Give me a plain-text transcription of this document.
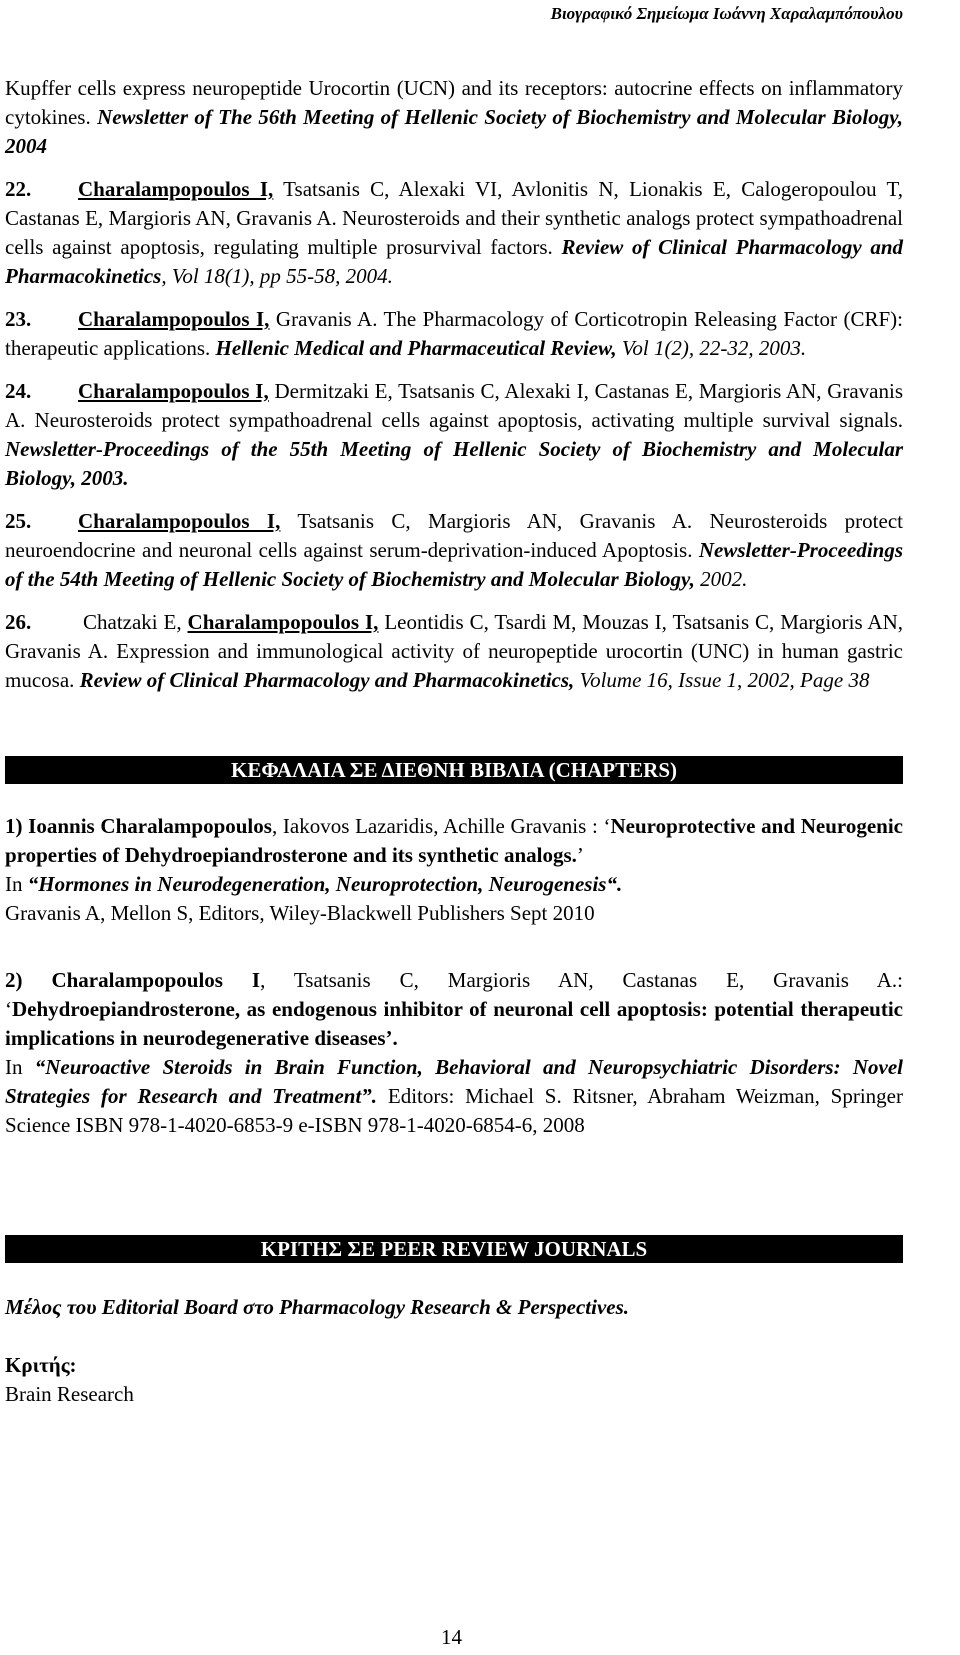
Βιογραφικό Σημείωμα Ιωάννη Χαραλαμπόπουλου

Kupffer cells express neuropeptide Urocortin (UCN) and its receptors: autocrine effects on inflammatory cytokines. Newsletter of The 56th Meeting of Hellenic Society of Biochemistry and Molecular Biology, 2004

22. Charalampopoulos I, Tsatsanis C, Alexaki VI, Avlonitis N, Lionakis E, Calogeropoulou T, Castanas E, Margioris AN, Gravanis A. Neurosteroids and their synthetic analogs protect sympathoadrenal cells against apoptosis, regulating multiple prosurvival factors. Review of Clinical Pharmacology and Pharmacokinetics, Vol 18(1), pp 55-58, 2004.

23. Charalampopoulos I, Gravanis A. The Pharmacology of Corticotropin Releasing Factor (CRF): therapeutic applications. Hellenic Medical and Pharmaceutical Review, Vol 1(2), 22-32, 2003.

24. Charalampopoulos I, Dermitzaki E, Tsatsanis C, Alexaki I, Castanas E, Margioris AN, Gravanis A. Neurosteroids protect sympathoadrenal cells against apoptosis, activating multiple survival signals. Newsletter-Proceedings of the 55th Meeting of Hellenic Society of Biochemistry and Molecular Biology, 2003.

25. Charalampopoulos I, Tsatsanis C, Margioris AN, Gravanis A. Neurosteroids protect neuroendocrine and neuronal cells against serum-deprivation-induced Apoptosis. Newsletter-Proceedings of the 54th Meeting of Hellenic Society of Biochemistry and Molecular Biology, 2002.

26. Chatzaki E, Charalampopoulos I, Leontidis C, Tsardi M, Mouzas I, Tsatsanis C, Margioris AN, Gravanis A. Expression and immunological activity of neuropeptide urocortin (UNC) in human gastric mucosa. Review of Clinical Pharmacology and Pharmacokinetics, Volume 16, Issue 1, 2002, Page 38

ΚΕΦΑΛΑΙΑ ΣΕ ΔΙΕΘΝΗ ΒΙΒΛΙΑ (CHAPTERS)
1) Ioannis Charalampopoulos, Iakovos Lazaridis, Achille Gravanis : ‘Neuroprotective and Neurogenic properties of Dehydroepiandrosterone and its synthetic analogs.’
In “Hormones in Neurodegeneration, Neuroprotection, Neurogenesis“.
Gravanis A, Mellon S, Editors, Wiley-Blackwell Publishers Sept 2010
2) Charalampopoulos I, Tsatsanis C, Margioris AN, Castanas E, Gravanis A.: ‘Dehydroepiandrosterone, as endogenous inhibitor of neuronal cell apoptosis: potential therapeutic implications in neurodegenerative diseases’.
In “Neuroactive Steroids in Brain Function, Behavioral and Neuropsychiatric Disorders: Novel Strategies for Research and Treatment”. Editors: Michael S. Ritsner, Abraham Weizman, Springer Science ISBN 978-1-4020-6853-9 e-ISBN 978-1-4020-6854-6, 2008
ΚΡΙΤΗΣ ΣΕ PEER REVIEW JOURNALS

Μέλος του Editorial Board στο Pharmacology Research & Perspectives.

Κριτής:

Brain Research

14
